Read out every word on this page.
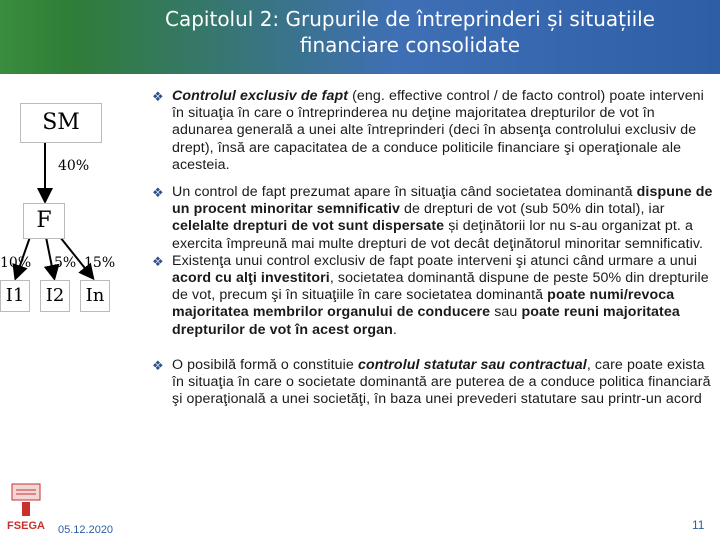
Capitolul 2: Grupurile de întreprinderi și situațiile
financiare consolidate
SM
40%
F
10% 5% 15%
I1	I2	In
❖ Controlul exclusiv de fapt (eng. effective control / de facto control) poate interveni în situaţia în care o întreprinderea nu deţine majoritatea drepturilor de vot în adunarea generală a unei alte întreprinderi (deci în absenţa controlului exclusiv de drept), însă are capacitatea de a conduce politicile financiare şi operaţionale ale acesteia.
❖ Un control de fapt prezumat apare în situaţia când societatea dominantă dispune de un procent minoritar semnificativ de drepturi de vot (sub 50% din total), iar celelalte drepturi de vot sunt dispersate și deţinătorii lor nu s-au organizat pt. a exercita împreună mai multe drepturi de vot decât deţinătorul minoritar semnificativ.
❖ Existenţa unui control exclusiv de fapt poate interveni şi atunci când urmare a unui acord cu alţi investitori, societatea dominantă dispune de peste 50% din drepturile de vot, precum şi în situaţiile în care societatea dominantă poate numi/revoca majoritatea membrilor organului de conducere sau poate reuni majoritatea drepturilor de vot în acest organ.
❖ O posibilă formă o constituie controlul statutar sau contractual, care poate exista în situaţia în care o societate dominantă are puterea de a conduce politica financiară şi operaţională a unei societăţi, în baza unei prevederi statutare sau printr-un acord
FSEGA 05.12.2020	11
